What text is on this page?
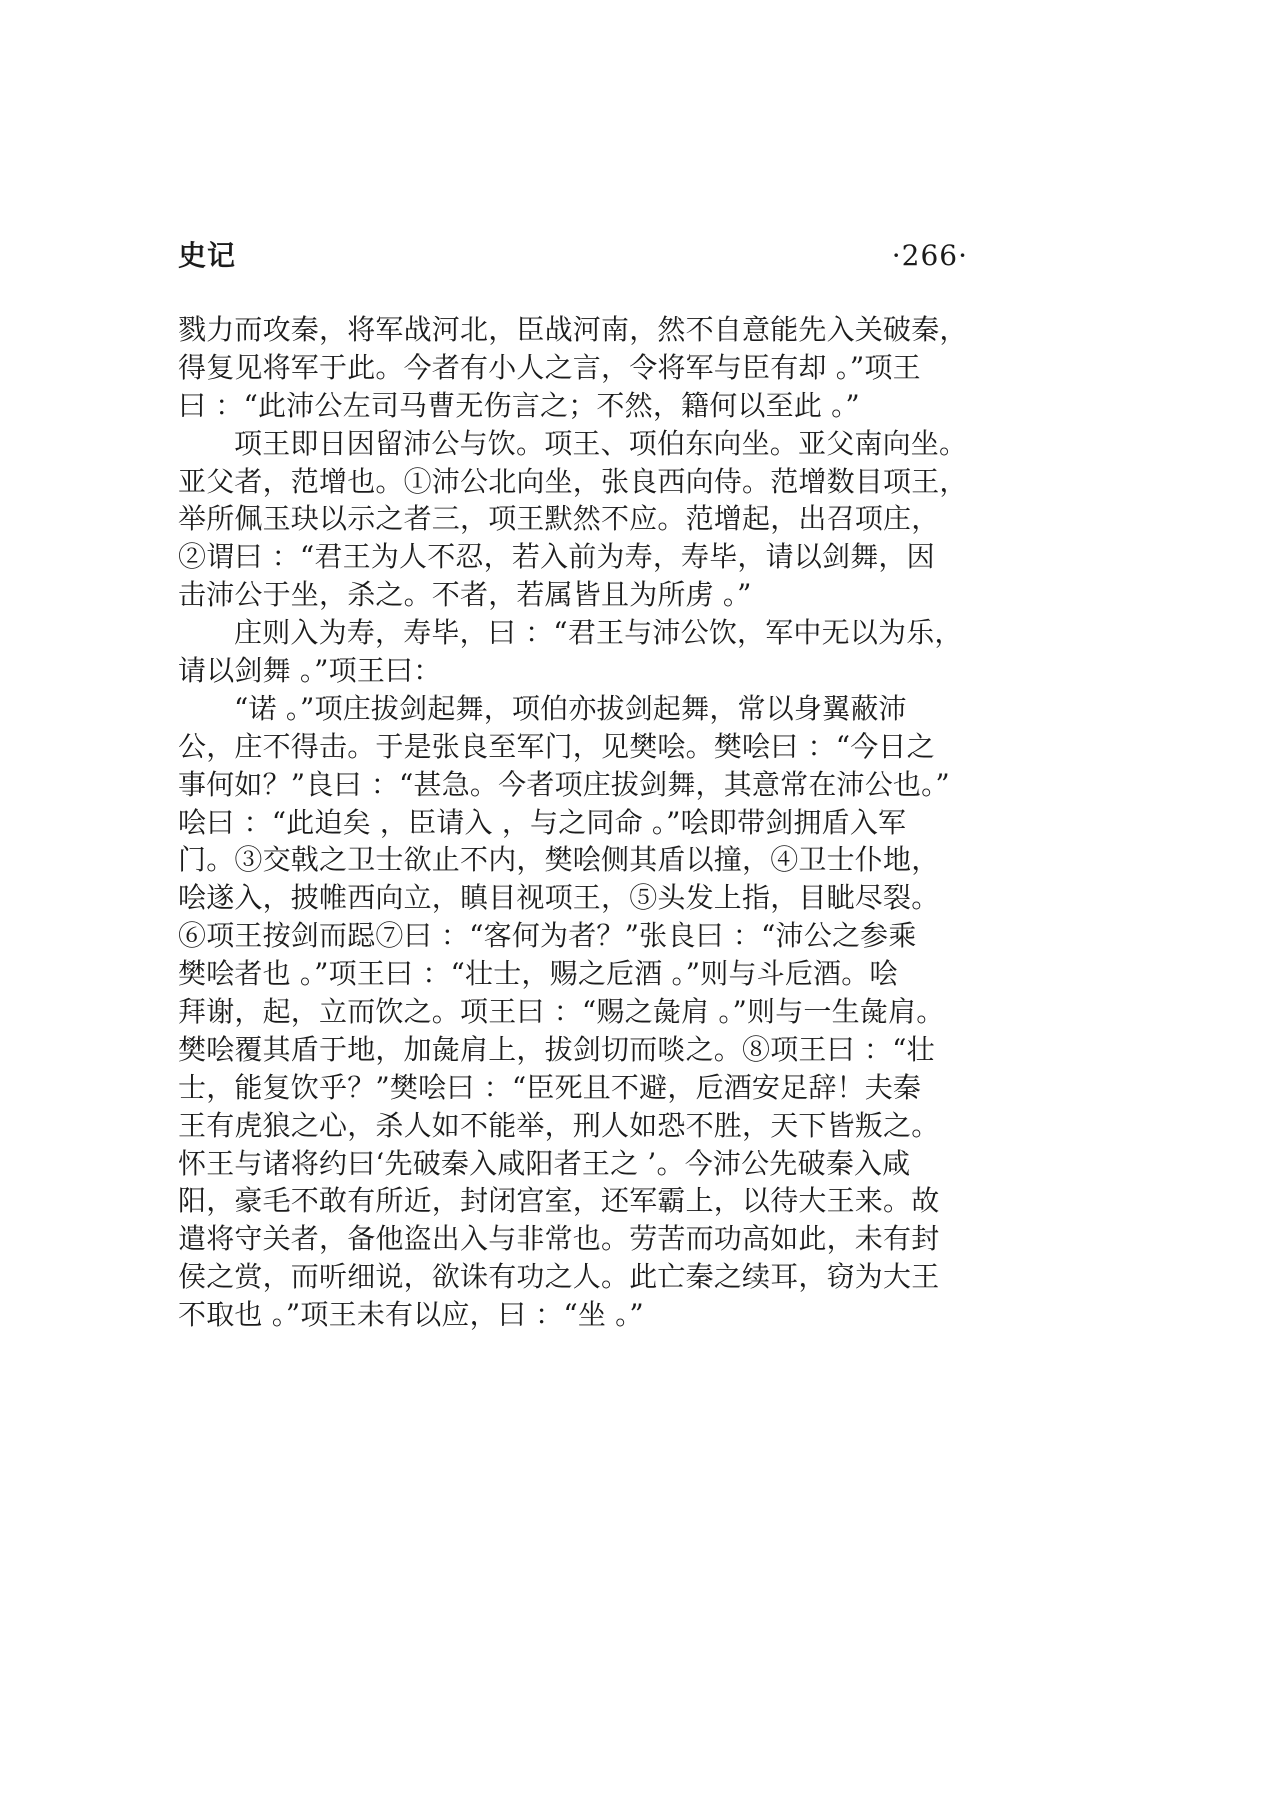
史记	·266·
戮力而攻秦，将军战河北，臣战河南，然不自意能先入关破秦，
得复见将军于此。今者有小人之言，令将军与臣有却 。”项王
曰 ：“此沛公左司马曹无伤言之；不然，籍何以至此 。”
项王即日因留沛公与饮。项王、项伯东向坐。亚父南向坐。
亚父者，范增也。①沛公北向坐，张良西向侍。范增数目项王，
举所佩玉玦以示之者三，项王默然不应。范增起，出召项庄，
②谓曰 ：“君王为人不忍，若入前为寿，寿毕，请以剑舞，因
击沛公于坐，杀之。不者，若属皆且为所虏 。”
庄则入为寿，寿毕，曰 ：“君王与沛公饮，军中无以为乐，
请以剑舞 。”项王曰：
“诺 。”项庄拔剑起舞，项伯亦拔剑起舞，常以身翼蔽沛
公，庄不得击。于是张良至军门，见樊哙。樊哙曰 ：“今日之
事何如？”良曰 ：“甚急。今者项庄拔剑舞，其意常在沛公也。”
哙曰 ：“此迫矣 ，臣请入 ，与之同命 。”哙即带剑拥盾入军
门。③交戟之卫士欲止不内，樊哙侧其盾以撞，④卫士仆地，
哙遂入，披帷西向立，瞋目视项王，⑤头发上指，目眦尽裂。
⑥项王按剑而跽⑦曰 ：“客何为者？”张良曰 ：“沛公之参乘
樊哙者也 。”项王曰 ：“壮士，赐之卮酒 。”则与斗卮酒。哙
拜谢，起，立而饮之。项王曰 ：“赐之彘肩 。”则与一生彘肩。
樊哙覆其盾于地，加彘肩上，拔剑切而啖之。⑧项王曰 ：“壮
士，能复饮乎？”樊哙曰 ：“臣死且不避，卮酒安足辞！夫秦
王有虎狼之心，杀人如不能举，刑人如恐不胜，天下皆叛之。
怀王与诸将约曰‘先破秦入咸阳者王之 ’。今沛公先破秦入咸
阳，豪毛不敢有所近，封闭宫室，还军霸上，以待大王来。故
遣将守关者，备他盗出入与非常也。劳苦而功高如此，未有封
侯之赏，而听细说，欲诛有功之人。此亡秦之续耳，窃为大王
不取也 。”项王未有以应，曰 ：“坐 。”
